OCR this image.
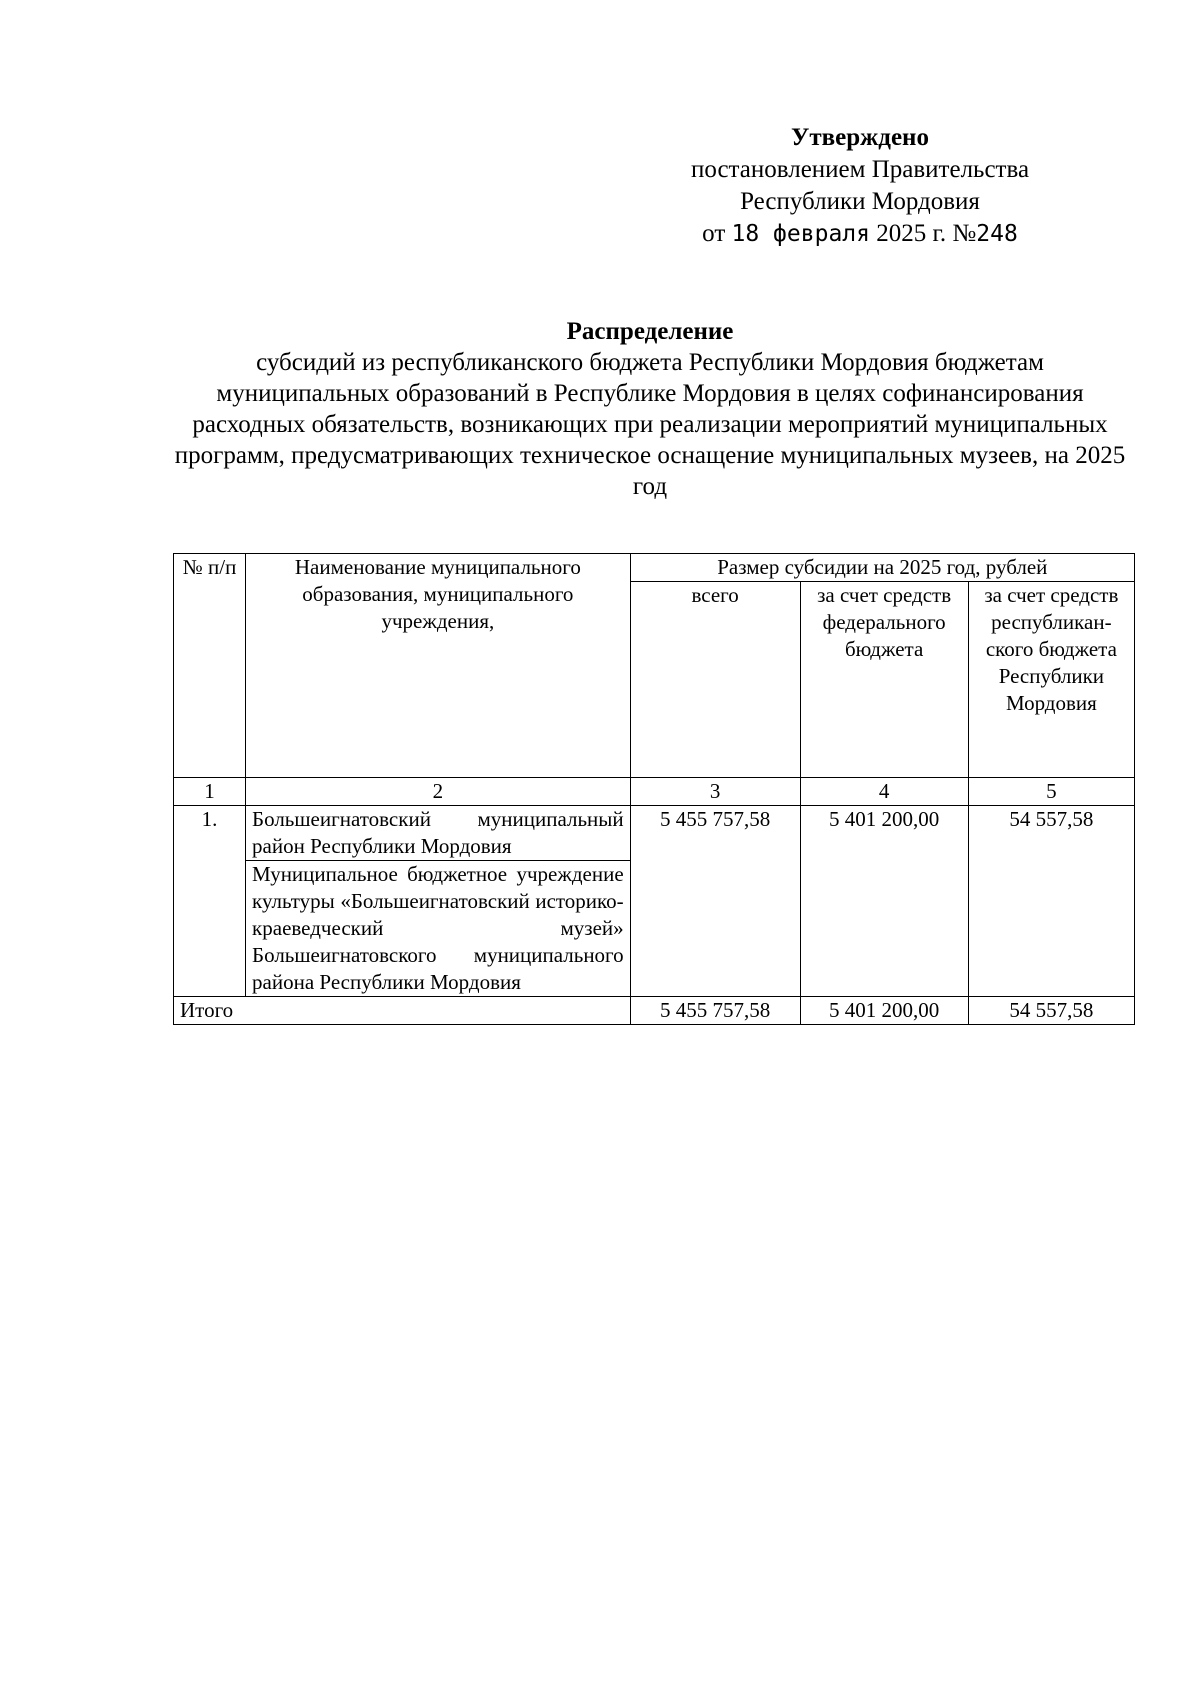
Утверждено
постановлением Правительства
Республики Мордовия
от 18 февраля 2025 г. №248
Распределение
субсидий из республиканского бюджета Республики Мордовия бюджетам муниципальных образований в Республике Мордовия в целях софинансирования расходных обязательств, возникающих при реализации мероприятий муниципальных программ, предусматривающих техническое оснащение муниципальных музеев, на 2025 год
№ п/п	Наименование муниципального образования, муниципального учреждения,	Размер субсидии на 2025 год, рублей		
		всего	за счет средств федерального бюджета	за счет средств республикан-ского бюджета Республики Мордовия
1	2	3	4	5
1.	Большеигнатовский муниципальный район Республики Мордовия	5 455 757,58	5 401 200,00	54 557,58
	Муниципальное бюджетное учреждение культуры «Большеигнатовский историко-краеведческий музей» Большеигнатовского муниципального района Республики Мордовия			
Итого		5 455 757,58	5 401 200,00	54 557,58
